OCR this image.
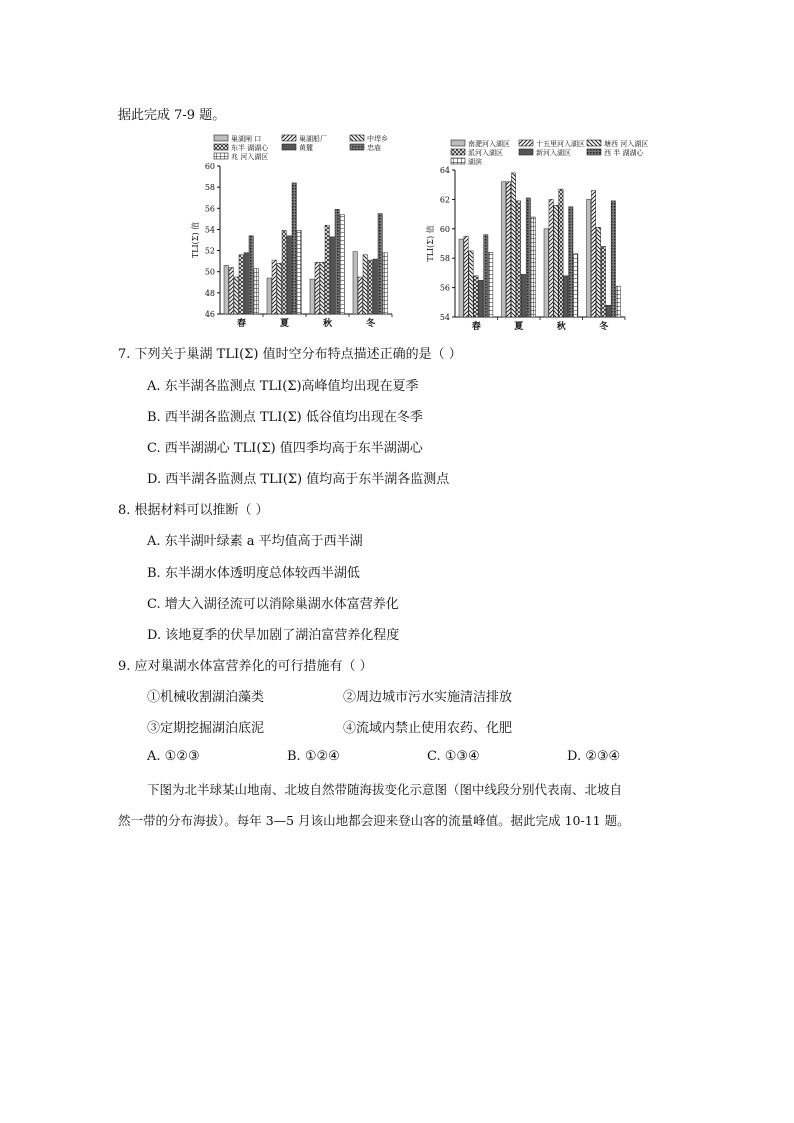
据此完成 7-9 题。
巢湖闸 口	巢湖船厂	中垾乡
东半 湖湖心	黄麓	忠庙
兆 河入湖区
46
48
50
52
54
56
58
60
TLI(Σ) 值
春	夏	秋	冬
南淝河入湖区	十五里河入湖区	塘西 河入湖区
派河入湖区	新河入湖区	西 半 湖湖心
湖滨
54
56
58
60
62
64
TLI(Σ) 值
春	夏	秋	冬
7. 下列关于巢湖 TLI(Σ) 值时空分布特点描述正确的是（ ）
A. 东半湖各监测点 TLI(Σ)高峰值均出现在夏季
B. 西半湖各监测点 TLI(Σ) 低谷值均出现在冬季
C. 西半湖湖心 TLI(Σ) 值四季均高于东半湖湖心
D. 西半湖各监测点 TLI(Σ) 值均高于东半湖各监测点
8. 根据材料可以推断（ ）
A. 东半湖叶绿素 a 平均值高于西半湖
B. 东半湖水体透明度总体较西半湖低
C. 增大入湖径流可以消除巢湖水体富营养化
D. 该地夏季的伏旱加剧了湖泊富营养化程度
9. 应对巢湖水体富营养化的可行措施有（ ）
①机械收割湖泊藻类	②周边城市污水实施清洁排放
③定期挖掘湖泊底泥	④流域内禁止使用农药、化肥
A. ①②③	B. ①②④	C. ①③④	D. ②③④
下图为北半球某山地南、北坡自然带随海拔变化示意图（图中线段分别代表南、北坡自
然一带的分布海拔）。每年 3—5 月该山地都会迎来登山客的流量峰值。据此完成 10-11 题。
